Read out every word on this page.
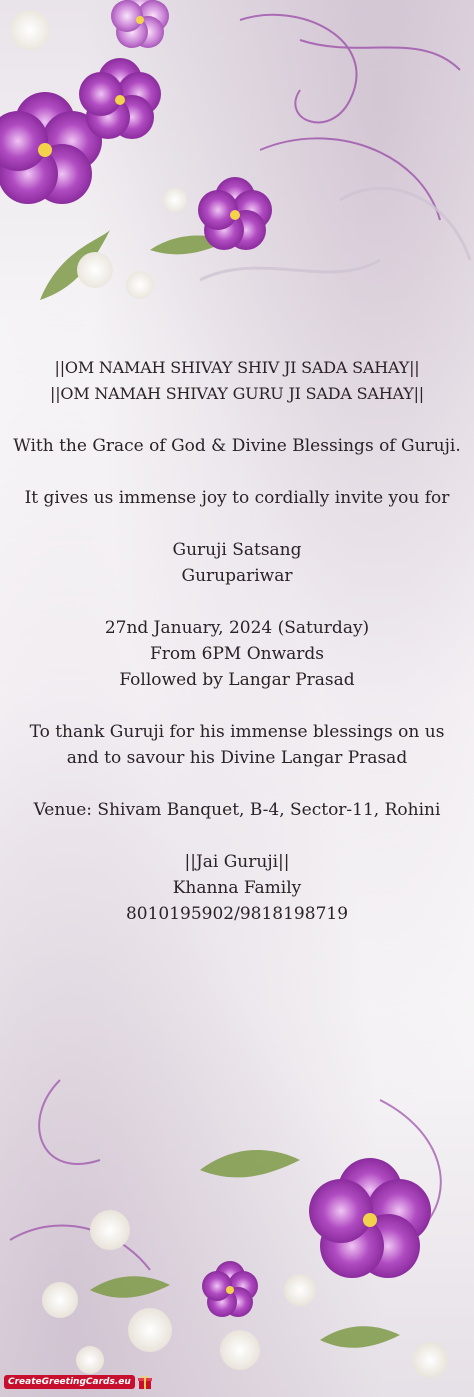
||OM NAMAH SHIVAY SHIV JI SADA SAHAY||

||OM NAMAH SHIVAY GURU JI SADA SAHAY||

With the Grace of God & Divine Blessings of Guruji.

It gives us immense joy to cordially invite you for

Guruji Satsang

Gurupariwar

27nd January, 2024 (Saturday)

From 6PM Onwards

Followed by Langar Prasad

To thank Guruji for his immense blessings on us

and to savour his Divine Langar Prasad

Venue: Shivam Banquet, B-4, Sector-11, Rohini

||Jai Guruji||

Khanna Family

8010195902/9818198719

CreateGreetingCards.eu
